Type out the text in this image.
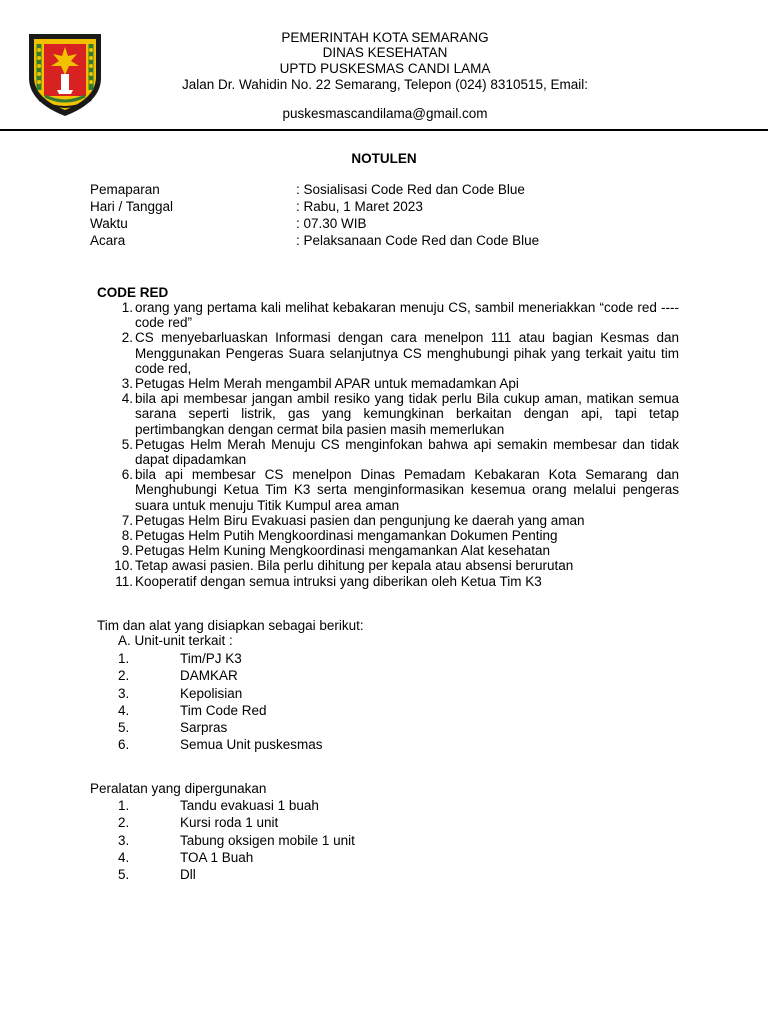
PEMERINTAH KOTA SEMARANG
DINAS KESEHATAN
UPTD PUSKESMAS CANDI LAMA
Jalan Dr. Wahidin No. 22 Semarang, Telepon (024) 8310515, Email:
puskesmascandilama@gmail.com
NOTULEN
Pemaparan	: Sosialisasi Code Red dan Code Blue
Hari / Tanggal	: Rabu, 1 Maret 2023
Waktu	: 07.30 WIB
Acara	: Pelaksanaan Code Red dan Code Blue
CODE RED
1. orang yang pertama kali melihat kebakaran menuju CS, sambil meneriakkan “code red ---- code red”
2. CS menyebarluaskan Informasi dengan cara menelpon 111 atau bagian Kesmas dan Menggunakan Pengeras Suara selanjutnya CS menghubungi pihak yang terkait yaitu tim code red,
3. Petugas Helm Merah mengambil APAR untuk memadamkan Api
4. bila api membesar jangan ambil resiko yang tidak perlu Bila cukup aman, matikan semua sarana seperti listrik, gas yang kemungkinan berkaitan dengan api, tapi tetap pertimbangkan dengan cermat bila pasien masih memerlukan
5. Petugas Helm Merah Menuju CS menginfokan bahwa api semakin membesar dan tidak dapat dipadamkan
6. bila api membesar CS menelpon Dinas Pemadam Kebakaran Kota Semarang dan Menghubungi Ketua Tim K3 serta menginformasikan kesemua orang melalui pengeras suara untuk menuju Titik Kumpul area aman
7. Petugas Helm Biru Evakuasi pasien dan pengunjung ke daerah yang aman
8. Petugas Helm Putih Mengkoordinasi mengamankan Dokumen Penting
9. Petugas Helm Kuning Mengkoordinasi mengamankan Alat kesehatan
10. Tetap awasi pasien. Bila perlu dihitung per kepala atau absensi berurutan
11. Kooperatif dengan semua intruksi yang diberikan oleh Ketua Tim K3
Tim dan alat yang disiapkan sebagai berikut:
A. Unit-unit terkait :
1.	Tim/PJ K3
2.	DAMKAR
3.	Kepolisian
4.	Tim Code Red
5.	Sarpras
6.	Semua Unit puskesmas
Peralatan yang dipergunakan
1.	Tandu evakuasi 1 buah
2.	Kursi roda 1 unit
3.	Tabung oksigen mobile 1 unit
4.	TOA 1 Buah
5.	Dll
